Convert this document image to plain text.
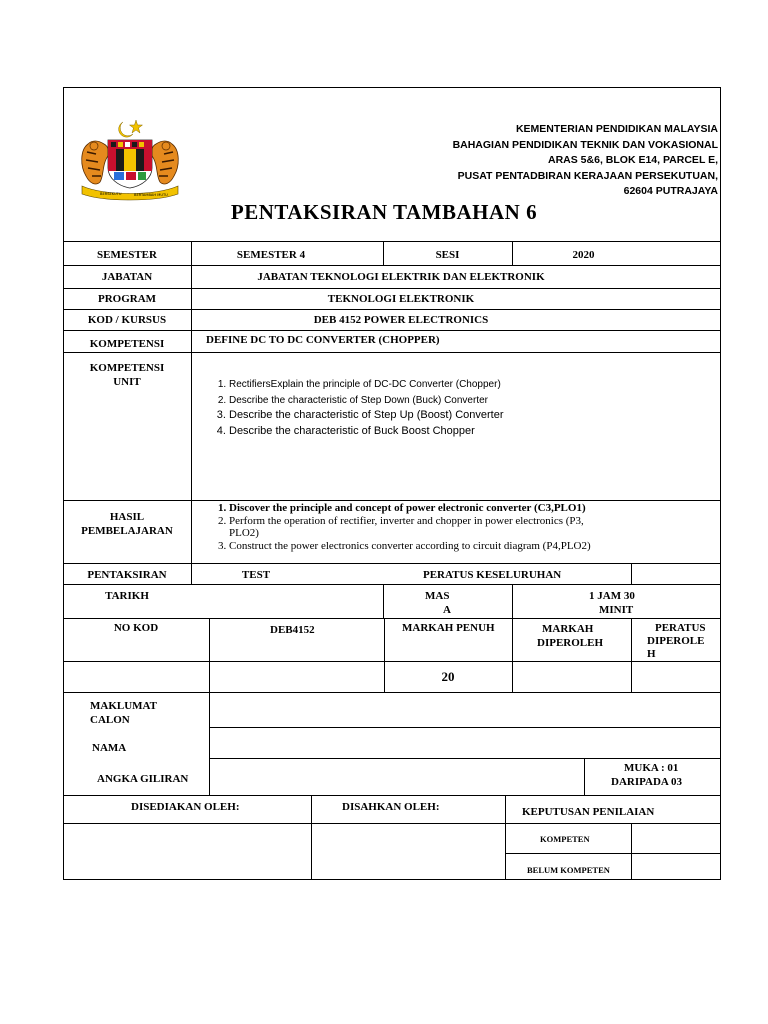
BERSEKUTU	BERTAMBAH MUTU
KEMENTERIAN PENDIDIKAN MALAYSIA
BAHAGIAN PENDIDIKAN TEKNIK DAN VOKASIONAL
ARAS 5&6, BLOK E14, PARCEL E,
PUSAT PENTADBIRAN KERAJAAN PERSEKUTUAN,
62604 PUTRAJAYA
PENTAKSIRAN TAMBAHAN 6
SEMESTER	SEMESTER 4	SESI	2020
JABATAN	JABATAN TEKNOLOGI ELEKTRIK DAN ELEKTRONIK
PROGRAM	TEKNOLOGI ELEKTRONIK
KOD / KURSUS	DEB 4152 POWER ELECTRONICS
KOMPETENSI	DEFINE DC TO DC CONVERTER (CHOPPER)
KOMPETENSI
UNIT
1.	RectifiersExplain the principle of DC-DC Converter (Chopper)
2. Describe the characteristic of Step Down (Buck) Converter
3. Describe the characteristic of Step Up (Boost) Converter
4. Describe the characteristic of Buck Boost Chopper
HASIL
PEMBELAJARAN
1. Discover the principle and concept of power electronic converter (C3,PLO1)
2. Perform the operation of rectifier, inverter and chopper in power electronics (P3,
PLO2)
3. Construct the power electronics converter according to circuit diagram (P4,PLO2)
PENTAKSIRAN	TEST	PERATUS KESELURUHAN
TARIKH	MAS
A
1 JAM 30
MINIT
NO KOD	DEB4152	MARKAH PENUH	MARKAH
DIPEROLEH
PERATUS
DIPEROLE
H
20
MAKLUMAT
CALON
NAMA
ANGKA GILIRAN
MUKA : 01
DARIPADA 03
DISEDIAKAN OLEH:	DISAHKAN OLEH:	KEPUTUSAN PENILAIAN
KOMPETEN
BELUM KOMPETEN
